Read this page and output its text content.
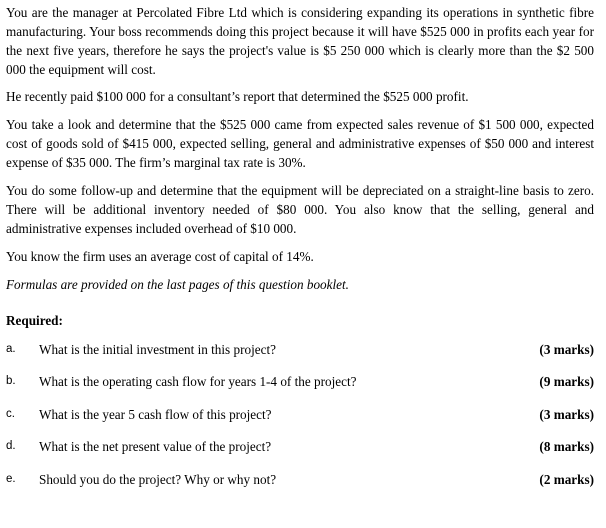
You are the manager at Percolated Fibre Ltd which is considering expanding its operations in synthetic fibre manufacturing. Your boss recommends doing this project because it will have $525 000 in profits each year for the next five years, therefore he says the project's value is $5 250 000 which is clearly more than the $2 500 000 the equipment will cost.

He recently paid $100 000 for a consultant’s report that determined the $525 000 profit.

You take a look and determine that the $525 000 came from expected sales revenue of $1 500 000, expected cost of goods sold of $415 000, expected selling, general and administrative expenses of $50 000 and interest expense of $35 000. The firm’s marginal tax rate is 30%.

You do some follow-up and determine that the equipment will be depreciated on a straight-line basis to zero. There will be additional inventory needed of $80 000. You also know that the selling, general and administrative expenses included overhead of $10 000.

You know the firm uses an average cost of capital of 14%.

Formulas are provided on the last pages of this question booklet.

Required:

a. What is the initial investment in this project?	(3 marks)
b. What is the operating cash flow for years 1-4 of the project?	(9 marks)
c. What is the year 5 cash flow of this project?	(3 marks)
d. What is the net present value of the project?	(8 marks)
e. Should you do the project? Why or why not?	(2 marks)
